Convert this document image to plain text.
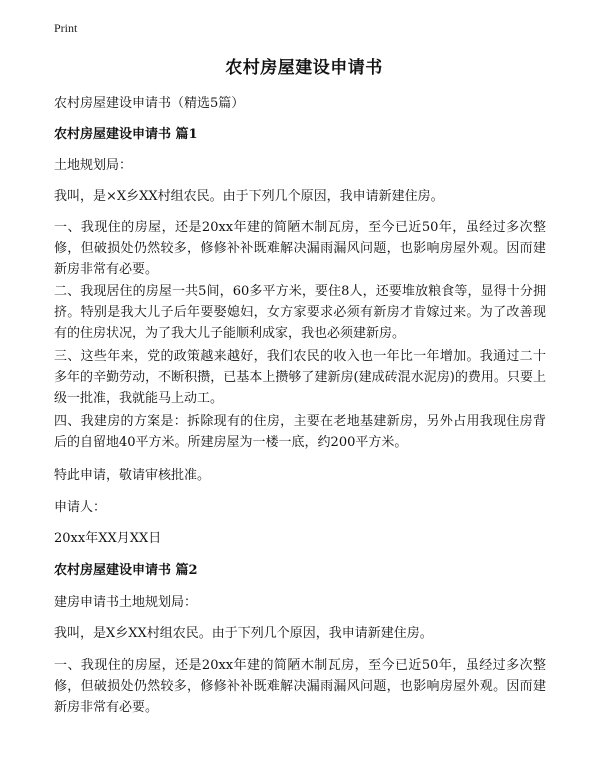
Print
农村房屋建设申请书

农村房屋建设申请书（精选5篇）

农村房屋建设申请书 篇1

土地规划局：

我叫，是×X乡XX村组农民。由于下列几个原因，我申请新建住房。

一、我现住的房屋，还是20xx年建的简陋木制瓦房，至今已近50年，虽经过多次整修，但破损处仍然较多，修修补补既难解决漏雨漏风问题，也影响房屋外观。因而建新房非常有必要。

二、我现居住的房屋一共5间，60多平方米，要住8人，还要堆放粮食等，显得十分拥挤。特别是我大儿子后年要娶媳妇，女方家要求必须有新房才肯嫁过来。为了改善现有的住房状况，为了我大儿子能顺利成家，我也必须建新房。

三、这些年来，党的政策越来越好，我们农民的收入也一年比一年增加。我通过二十多年的辛勤劳动，不断积攒，已基本上攒够了建新房(建成砖混水泥房)的费用。只要上级一批准，我就能马上动工。

四、我建房的方案是：拆除现有的住房，主要在老地基建新房，另外占用我现住房背后的自留地40平方米。所建房屋为一楼一底，约200平方米。

特此申请，敬请审核批准。

申请人：

20xx年XX月XX日

农村房屋建设申请书 篇2

建房申请书土地规划局：

我叫，是X乡XX村组农民。由于下列几个原因，我申请新建住房。

一、我现住的房屋，还是20xx年建的简陋木制瓦房，至今已近50年，虽经过多次整修，但破损处仍然较多，修修补补既难解决漏雨漏风问题，也影响房屋外观。因而建新房非常有必要。
